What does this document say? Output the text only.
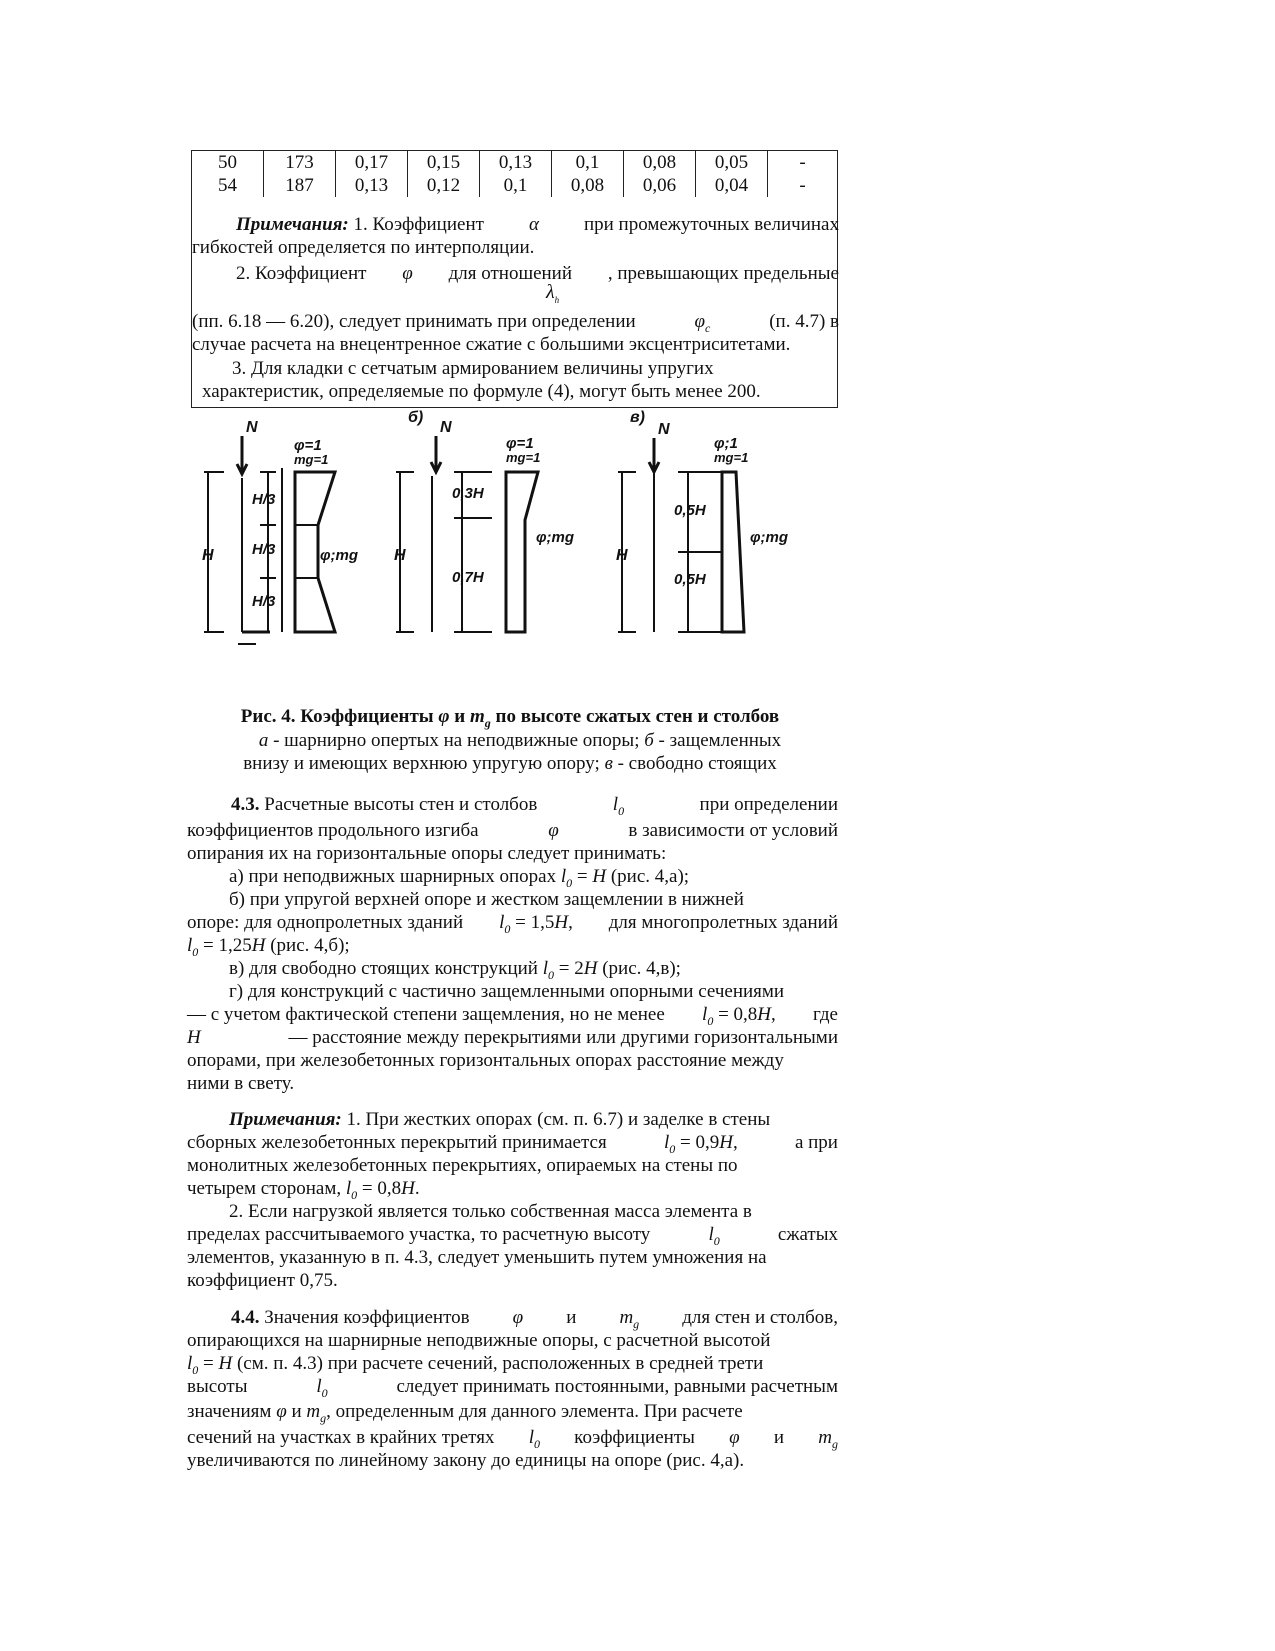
50	173	0,17	0,15	0,13	0,1	0,08	0,05	-
54	187	0,13	0,12	0,1	0,08	0,06	0,04	-
Примечания: 1. Коэффициент α при промежуточных величинах
гибкостей определяется по интерполяции.
2. Коэффициент φ для отношений , превышающих предельные
$\lambda_h$
(пп. 6.18 — 6.20), следует принимать при определении	$\varphi_c$	(п. 4.7) в
случае расчета на внецентренное сжатие с большими эксцентриситетами.
3. Для кладки с сетчатым армированием величины упругих
характеристик, определяемые по формуле (4), могут быть менее 200.
N
H
H/3
H/3
H/3
φ=1
mg=1
φ;mg
б)
N
H
0,3H
0,7H
φ=1
mg=1
φ;mg
в)
N
H
0,5H
0,5H
φ;1
mg=1
φ;mg
Рис. 4. Коэффициенты φ и $m_g$ по высоте сжатых стен и столбов
а - шарнирно опертых на неподвижные опоры; б - защемленных
внизу и имеющих верхнюю упругую опору; в - свободно стоящих
4.3. Расчетные высоты стен и столбов	$l_0$	при определении
коэффициентов продольного изгиба	φ	в зависимости от условий
опирания их на горизонтальные опоры следует принимать:
а) при неподвижных шарнирных опорах $l_0 = H$ (рис. 4,а);
б) при упругой верхней опоре и жестком защемлении в нижней
опоре: для однопролетных зданий $l_0 = 1,5H$, для многопролетных зданий
$l_0 = 1,25H$ (рис. 4,б);
в) для свободно стоящих конструкций $l_0 = 2H$ (рис. 4,в);
г) для конструкций с частично защемленными опорными сечениями
— с учетом фактической степени защемления, но не менее $l_0 = 0,8H$, где
H	— расстояние между перекрытиями или другими горизонтальными
опорами, при железобетонных горизонтальных опорах расстояние между
ними в свету.
Примечания: 1. При жестких опорах (см. п. 6.7) и заделке в стены
сборных железобетонных перекрытий принимается	$l_0 = 0,9H$,	а при
монолитных железобетонных перекрытиях, опираемых на стены по
четырем сторонам, $l_0 = 0,8H$.
2. Если нагрузкой является только собственная масса элемента в
пределах рассчитываемого участка, то расчетную высоту	$l_0$	сжатых
элементов, указанную в п. 4.3, следует уменьшить путем умножения на
коэффициент 0,75.
4.4. Значения коэффициентов φ и $m_g$ для стен и столбов,
опирающихся на шарнирные неподвижные опоры, с расчетной высотой
$l_0 = H$ (см. п. 4.3) при расчете сечений, расположенных в средней трети
высоты	$l_0$	следует принимать постоянными, равными расчетным
значениям φ и $m_g$, определенным для данного элемента. При расчете
сечений на участках в крайних третях $l_0$ коэффициенты φ и $m_g$
увеличиваются по линейному закону до единицы на опоре (рис. 4,а).
